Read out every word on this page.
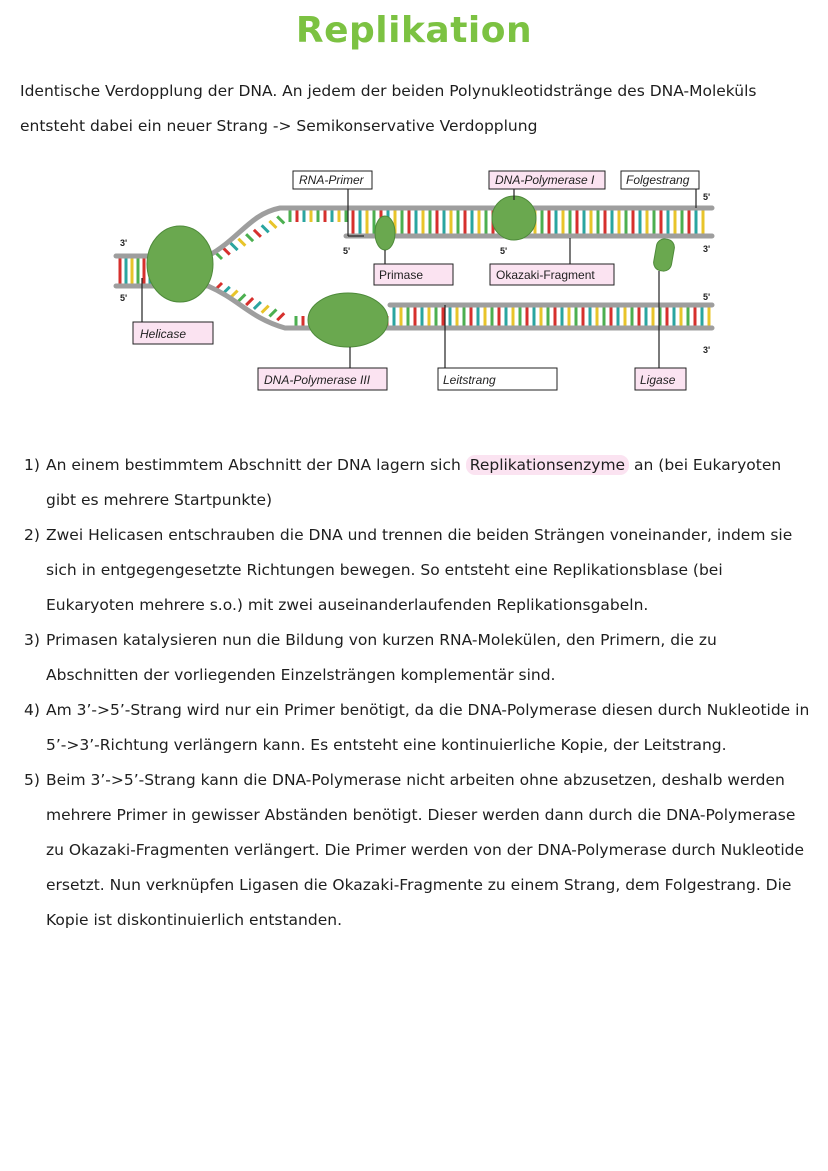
Replikation
Identische Verdopplung der DNA. An jedem der beiden Polynukleotidstränge des DNA-Moleküls
entsteht dabei ein neuer Strang -> Semikonservative Verdopplung
3'
5'
5'
3'
5'
3'
5'	5'
RNA-Primer	DNA-Polymerase I	Folgestrang
Primase	Okazaki-Fragment
Helicase
DNA-Polymerase III	Leitstrang	Ligase
1) An einem bestimmtem Abschnitt der DNA lagern sich Replikationsenzyme an (bei Eukaryoten gibt es mehrere Startpunkte)
2) Zwei Helicasen entschrauben die DNA und trennen die beiden Strängen voneinander, indem sie sich in entgegengesetzte Richtungen bewegen. So entsteht eine Replikationsblase (bei Eukaryoten mehrere s.o.) mit zwei auseinanderlaufenden Replikationsgabeln.
3) Primasen katalysieren nun die Bildung von kurzen RNA-Molekülen, den Primern, die zu Abschnitten der vorliegenden Einzelsträngen komplementär sind.
4) Am 3’->5’-Strang wird nur ein Primer benötigt, da die DNA-Polymerase diesen durch Nukleotide in 5’->3’-Richtung verlängern kann. Es entsteht eine kontinuierliche Kopie, der Leitstrang.
5) Beim 3’->5’-Strang kann die DNA-Polymerase nicht arbeiten ohne abzusetzen, deshalb werden mehrere Primer in gewisser Abständen benötigt. Dieser werden dann durch die DNA-Polymerase zu Okazaki-Fragmenten verlängert. Die Primer werden von der DNA-Polymerase durch Nukleotide ersetzt. Nun verknüpfen Ligasen die Okazaki-Fragmente zu einem Strang, dem Folgestrang. Die Kopie ist diskontinuierlich entstanden.
